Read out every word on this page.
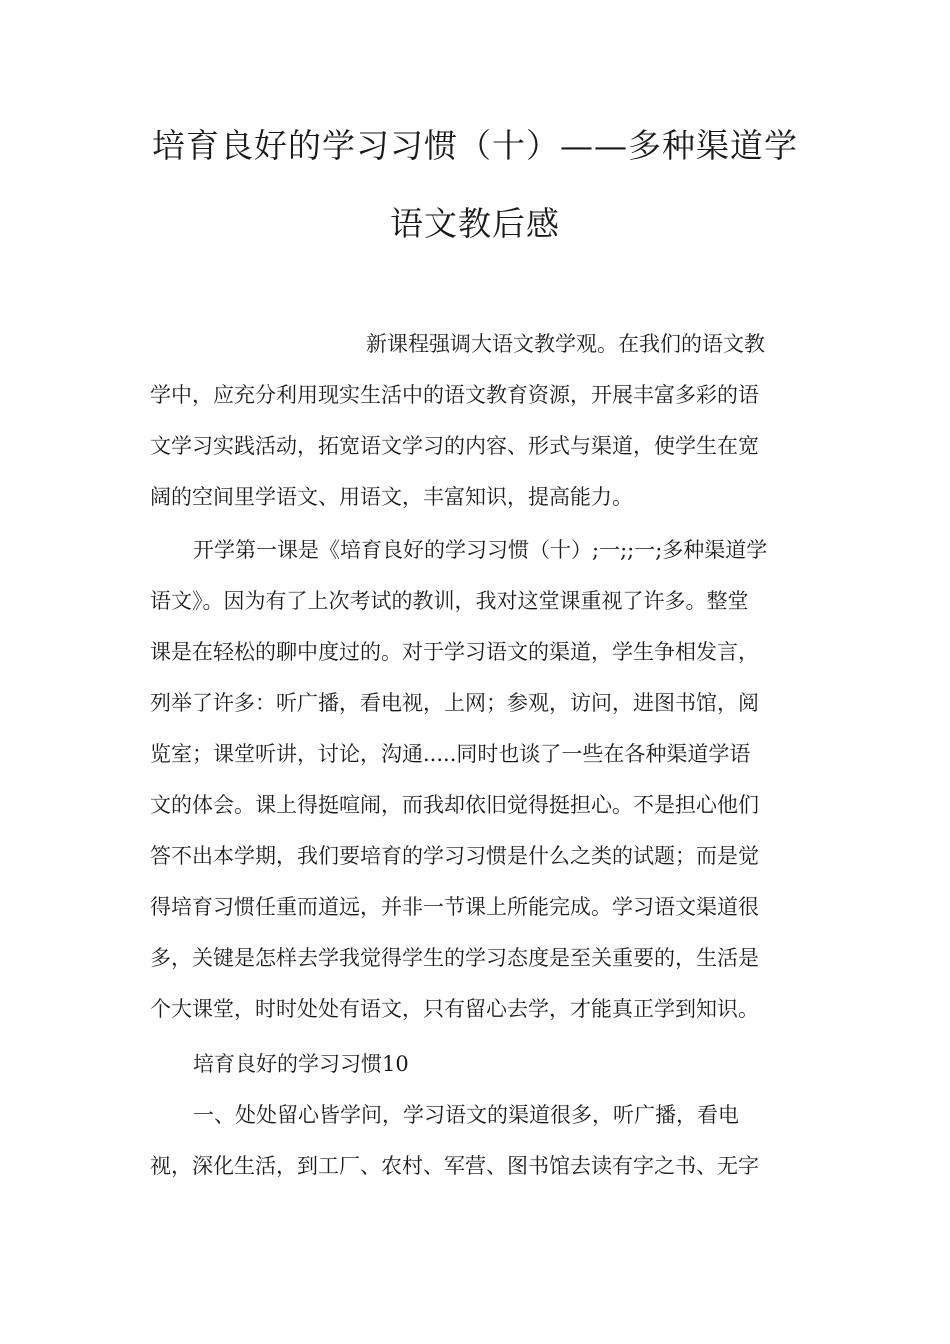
培育良好的学习习惯（十）——多种渠道学
语文教后感
新课程强调大语文教学观。在我们的语文教
学中，应充分利用现实生活中的语文教育资源，开展丰富多彩的语
文学习实践活动，拓宽语文学习的内容、形式与渠道，使学生在宽
阔的空间里学语文、用语文，丰富知识，提高能力。
开学第一课是《培育良好的学习习惯（十）;一;;一;多种渠道学
语文》。因为有了上次考试的教训，我对这堂课重视了许多。整堂
课是在轻松的聊中度过的。对于学习语文的渠道，学生争相发言，
列举了许多：听广播，看电视，上网；参观，访问，进图书馆，阅
览室；课堂听讲，讨论，沟通.....同时也谈了一些在各种渠道学语
文的体会。课上得挺喧闹，而我却依旧觉得挺担心。不是担心他们
答不出本学期，我们要培育的学习习惯是什么之类的试题；而是觉
得培育习惯任重而道远，并非一节课上所能完成。学习语文渠道很
多，关键是怎样去学我觉得学生的学习态度是至关重要的，生活是
个大课堂，时时处处有语文，只有留心去学，才能真正学到知识。
培育良好的学习习惯10
一、处处留心皆学问，学习语文的渠道很多，听广播，看电
视，深化生活，到工厂、农村、军营、图书馆去读有字之书、无字
